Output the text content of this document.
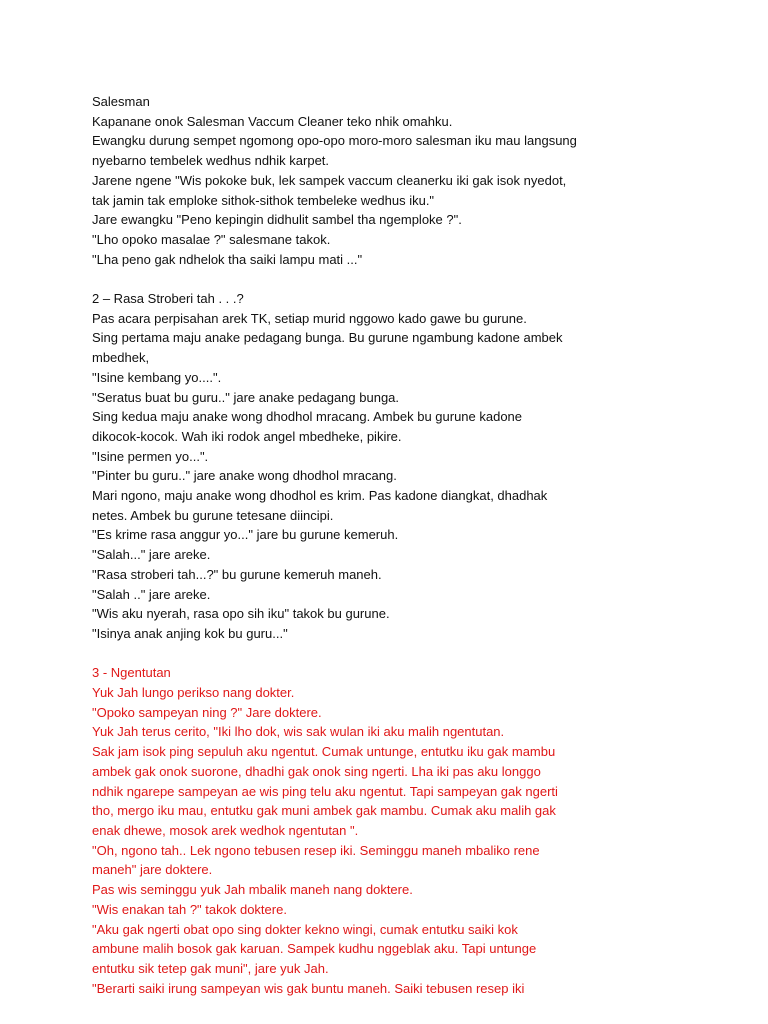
Salesman
Kapanane onok Salesman Vaccum Cleaner teko nhik omahku.
Ewangku durung sempet ngomong opo-opo moro-moro salesman iku mau langsung
nyebarno tembelek wedhus ndhik karpet.
Jarene ngene "Wis pokoke buk, lek sampek vaccum cleanerku iki gak isok nyedot,
tak jamin tak emploke sithok-sithok tembeleke wedhus iku."
Jare ewangku "Peno kepingin didhulit sambel tha ngemploke ?".
"Lho opoko masalae ?" salesmane takok.
"Lha peno gak ndhelok tha saiki lampu mati ..."
2 – Rasa Stroberi tah . . .?
Pas acara perpisahan arek TK, setiap murid nggowo kado gawe bu gurune.
Sing pertama maju anake pedagang bunga. Bu gurune ngambung kadone ambek
mbedhek,
"Isine kembang yo....".
"Seratus buat bu guru.." jare anake pedagang bunga.
Sing kedua maju anake wong dhodhol mracang. Ambek bu gurune kadone
dikocok-kocok. Wah iki rodok angel mbedheke, pikire.
"Isine permen yo...".
"Pinter bu guru.." jare anake wong dhodhol mracang.
Mari ngono, maju anake wong dhodhol es krim. Pas kadone diangkat, dhadhak
netes. Ambek bu gurune tetesane diincipi.
"Es krime rasa anggur yo..." jare bu gurune kemeruh.
"Salah..." jare areke.
"Rasa stroberi tah...?" bu gurune kemeruh maneh.
"Salah .." jare areke.
"Wis aku nyerah, rasa opo sih iku" takok bu gurune.
"Isinya anak anjing kok bu guru..."
3 - Ngentutan
Yuk Jah lungo perikso nang dokter.
"Opoko sampeyan ning ?" Jare doktere.
Yuk Jah terus cerito, "Iki lho dok, wis sak wulan iki aku malih ngentutan.
Sak jam isok ping sepuluh aku ngentut. Cumak untunge, entutku iku gak mambu
ambek gak onok suorone, dhadhi gak onok sing ngerti. Lha iki pas aku longgo
ndhik ngarepe sampeyan ae wis ping telu aku ngentut. Tapi sampeyan gak ngerti
tho, mergo iku mau, entutku gak muni ambek gak mambu. Cumak aku malih gak
enak dhewe, mosok arek wedhok ngentutan ".
"Oh, ngono tah.. Lek ngono tebusen resep iki. Seminggu maneh mbaliko rene
maneh" jare doktere.
Pas wis seminggu yuk Jah mbalik maneh nang doktere.
"Wis enakan tah ?" takok doktere.
"Aku gak ngerti obat opo sing dokter kekno wingi, cumak entutku saiki kok
ambune malih bosok gak karuan. Sampek kudhu nggeblak aku. Tapi untunge
entutku sik tetep gak muni", jare yuk Jah.
"Berarti saiki irung sampeyan wis gak buntu maneh. Saiki tebusen resep iki
